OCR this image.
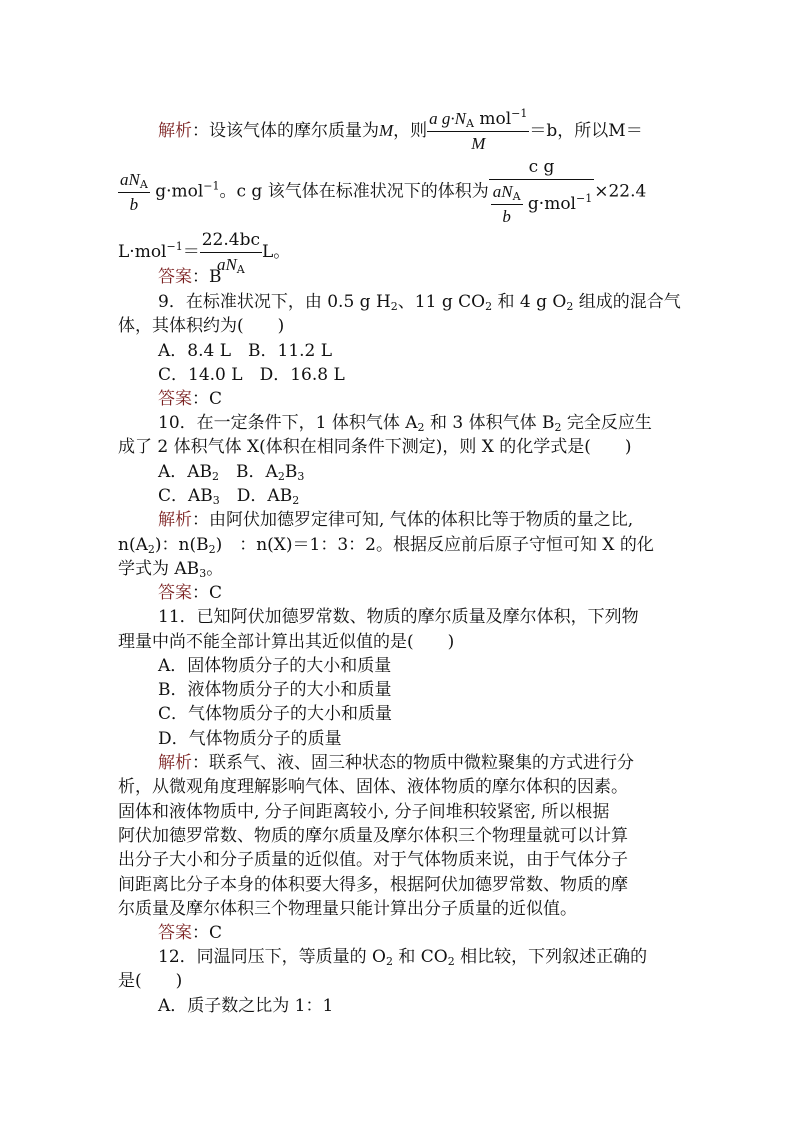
解析：设该气体的摩尔质量为M，则 $\frac{a g\cdot N_A mol^{-1}}{M} =b$，所以M＝
$\frac{aN_A}{b} g\cdot mol^{-1}$。c g 该气体在标准状况下的体积为 $\frac{\text{c g}}{\frac{aN_A}{b} g\cdot mol^{-1}} \times 22.4$
$L\cdot mol^{-1}= \frac{22.4bc}{aN_A}$ L。
答案：B
9．在标准状况下，由 0.5 g $H_2$、11 g $CO_2$ 和 4 g $O_2$ 组成的混合气
体，其体积约为(　　)
A．8.4 L　 B．11.2 L
C．14.0 L　 D．16.8 L
答案：C
10．在一定条件下，1 体积气体 $A_2$ 和 3 体积气体 $B_2$ 完全反应生
成了 2 体积气体 X(体积在相同条件下测定)，则 X 的化学式是(　　)
A．$AB_2$　 B．$A_2B_3$
C．$AB_3$　 D．$AB_2$
解析：由阿伏加德罗定律可知, 气体的体积比等于物质的量之比,
$n(A_2)$：$n(B_2)$　：n(X)＝1：3：2。根据反应前后原子守恒可知 X 的化
学式为 $AB_3$。
答案：C
11．已知阿伏加德罗常数、物质的摩尔质量及摩尔体积，下列物
理量中尚不能全部计算出其近似值的是(　　)
A．固体物质分子的大小和质量
B．液体物质分子的大小和质量
C．气体物质分子的大小和质量
D．气体物质分子的质量
解析：联系气、液、固三种状态的物质中微粒聚集的方式进行分
析，从微观角度理解影响气体、固体、液体物质的摩尔体积的因素。
固体和液体物质中, 分子间距离较小, 分子间堆积较紧密, 所以根据
阿伏加德罗常数、物质的摩尔质量及摩尔体积三个物理量就可以计算
出分子大小和分子质量的近似值。对于气体物质来说，由于气体分子
间距离比分子本身的体积要大得多，根据阿伏加德罗常数、物质的摩
尔质量及摩尔体积三个物理量只能计算出分子质量的近似值。
答案：C
12．同温同压下，等质量的 $O_2$ 和 $CO_2$ 相比较，下列叙述正确的
是(　　)
A．质子数之比为 1：1
